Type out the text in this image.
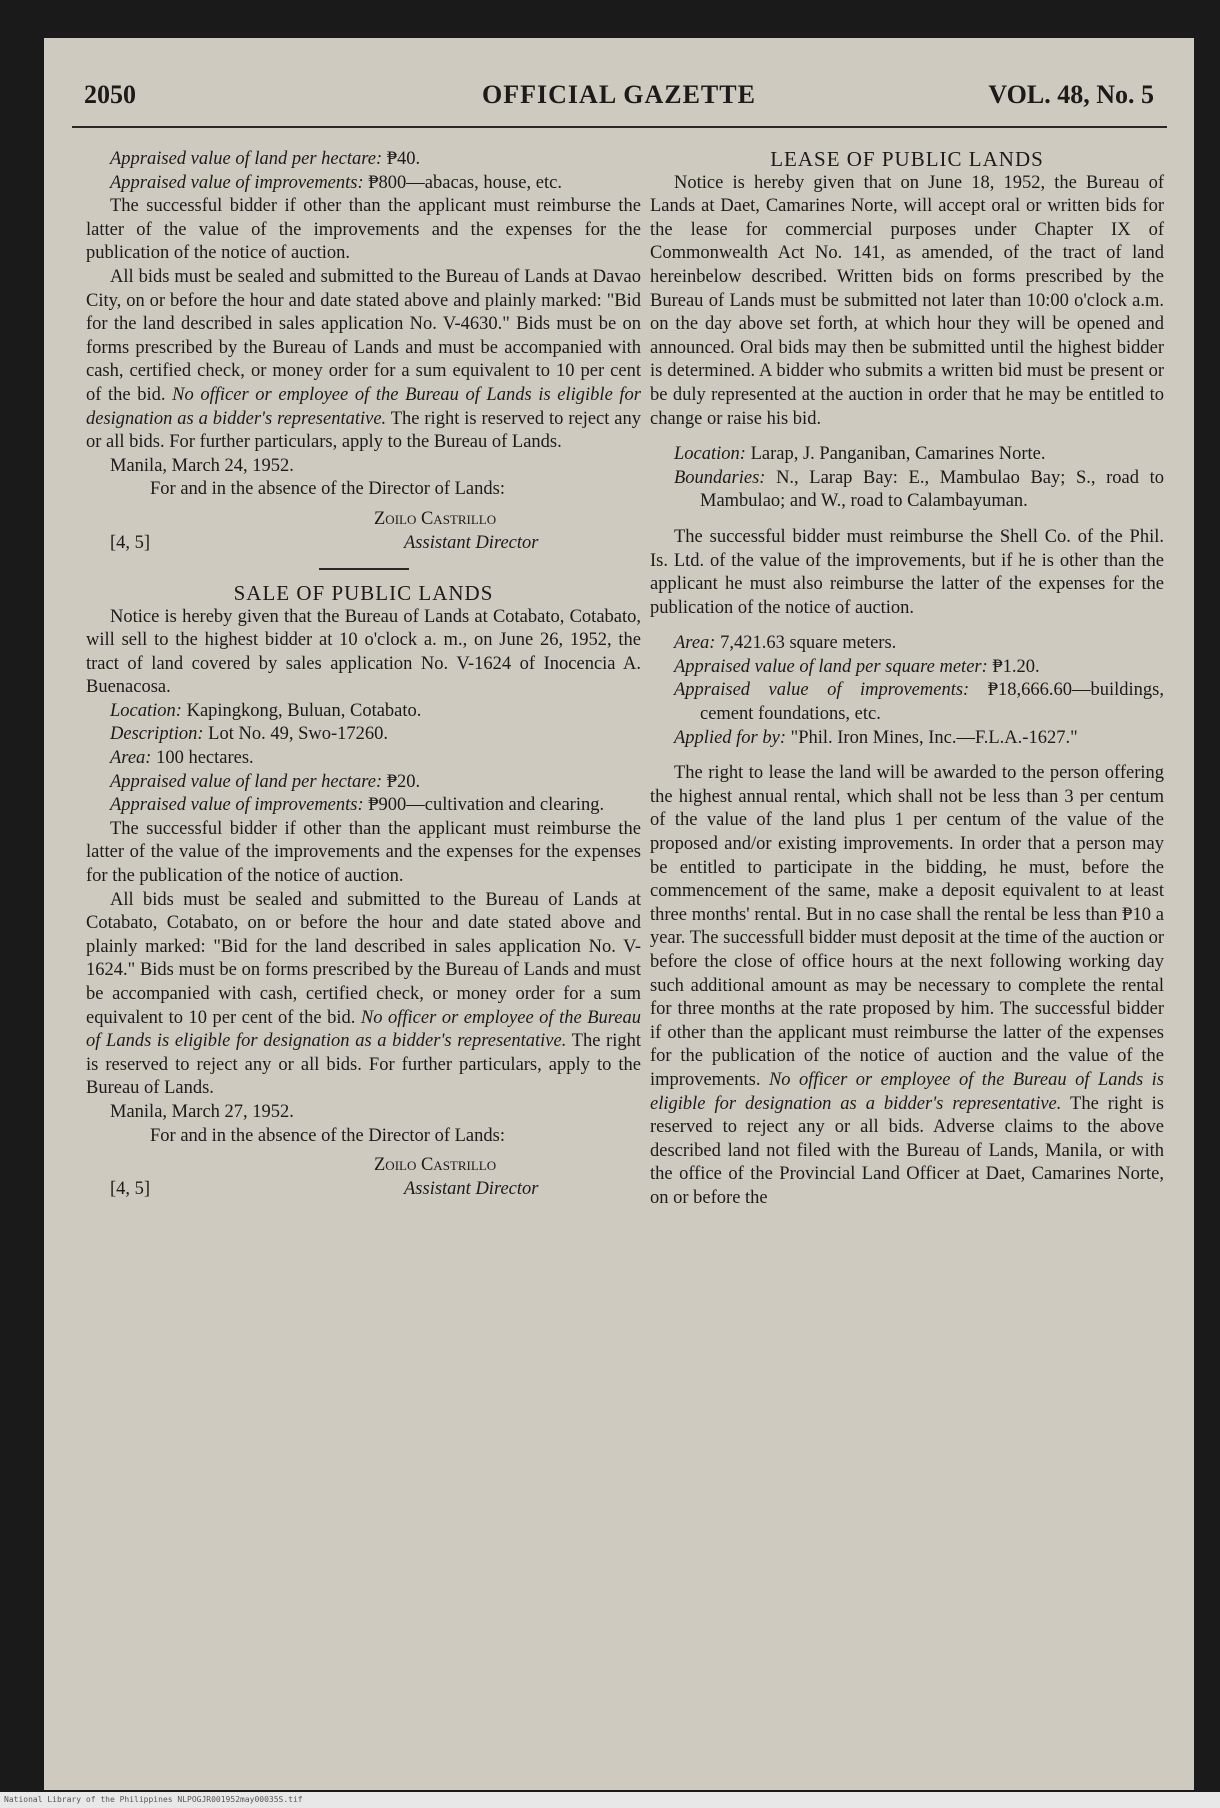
2050	OFFICIAL GAZETTE	VOL. 48, No. 5

Appraised value of land per hectare: ₱40.

Appraised value of improvements: ₱800—abacas, house, etc.

The successful bidder if other than the applicant must reimburse the latter of the value of the improvements and the expenses for the publication of the notice of auction.

All bids must be sealed and submitted to the Bureau of Lands at Davao City, on or before the hour and date stated above and plainly marked: "Bid for the land described in sales application No. V-4630." Bids must be on forms prescribed by the Bureau of Lands and must be accompanied with cash, certified check, or money order for a sum equivalent to 10 per cent of the bid. No officer or employee of the Bureau of Lands is eligible for designation as a bidder's representative. The right is reserved to reject any or all bids. For further particulars, apply to the Bureau of Lands.

Manila, March 24, 1952.

For and in the absence of the Director of Lands:

Zoilo Castrillo
[4, 5]	Assistant Director

SALE OF PUBLIC LANDS

Notice is hereby given that the Bureau of Lands at Cotabato, Cotabato, will sell to the highest bidder at 10 o'clock a. m., on June 26, 1952, the tract of land covered by sales application No. V-1624 of Inocencia A. Buenacosa.

Location: Kapingkong, Buluan, Cotabato.

Description: Lot No. 49, Swo-17260.

Area: 100 hectares.

Appraised value of land per hectare: ₱20.

Appraised value of improvements: ₱900—cultivation and clearing.

The successful bidder if other than the applicant must reimburse the latter of the value of the improvements and the expenses for the expenses for the publication of the notice of auction.

All bids must be sealed and submitted to the Bureau of Lands at Cotabato, Cotabato, on or before the hour and date stated above and plainly marked: "Bid for the land described in sales application No. V-1624." Bids must be on forms prescribed by the Bureau of Lands and must be accompanied with cash, certified check, or money order for a sum equivalent to 10 per cent of the bid. No officer or employee of the Bureau of Lands is eligible for designation as a bidder's representative. The right is reserved to reject any or all bids. For further particulars, apply to the Bureau of Lands.

Manila, March 27, 1952.

For and in the absence of the Director of Lands:

Zoilo Castrillo
[4, 5]	Assistant Director

LEASE OF PUBLIC LANDS

Notice is hereby given that on June 18, 1952, the Bureau of Lands at Daet, Camarines Norte, will accept oral or written bids for the lease for commercial purposes under Chapter IX of Commonwealth Act No. 141, as amended, of the tract of land hereinbelow described. Written bids on forms prescribed by the Bureau of Lands must be submitted not later than 10:00 o'clock a.m. on the day above set forth, at which hour they will be opened and announced. Oral bids may then be submitted until the highest bidder is determined. A bidder who submits a written bid must be present or be duly represented at the auction in order that he may be entitled to change or raise his bid.

Location: Larap, J. Panganiban, Camarines Norte.

Boundaries: N., Larap Bay: E., Mambulao Bay; S., road to Mambulao; and W., road to Calambayuman.

The successful bidder must reimburse the Shell Co. of the Phil. Is. Ltd. of the value of the improvements, but if he is other than the applicant he must also reimburse the latter of the expenses for the publication of the notice of auction.

Area: 7,421.63 square meters.

Appraised value of land per square meter: ₱1.20.

Appraised value of improvements: ₱18,666.60—buildings, cement foundations, etc.

Applied for by: "Phil. Iron Mines, Inc.—F.L.A.-1627."

The right to lease the land will be awarded to the person offering the highest annual rental, which shall not be less than 3 per centum of the value of the land plus 1 per centum of the value of the proposed and/or existing improvements. In order that a person may be entitled to participate in the bidding, he must, before the commencement of the same, make a deposit equivalent to at least three months' rental. But in no case shall the rental be less than ₱10 a year. The successfull bidder must deposit at the time of the auction or before the close of office hours at the next following working day such additional amount as may be necessary to complete the rental for three months at the rate proposed by him. The successful bidder if other than the applicant must reimburse the latter of the expenses for the publication of the notice of auction and the value of the improvements. No officer or employee of the Bureau of Lands is eligible for designation as a bidder's representative. The right is reserved to reject any or all bids. Adverse claims to the above described land not filed with the Bureau of Lands, Manila, or with the office of the Provincial Land Officer at Daet, Camarines Norte, on or before the

National Library of the Philippines NLPOGJR001952may00035S.tif
